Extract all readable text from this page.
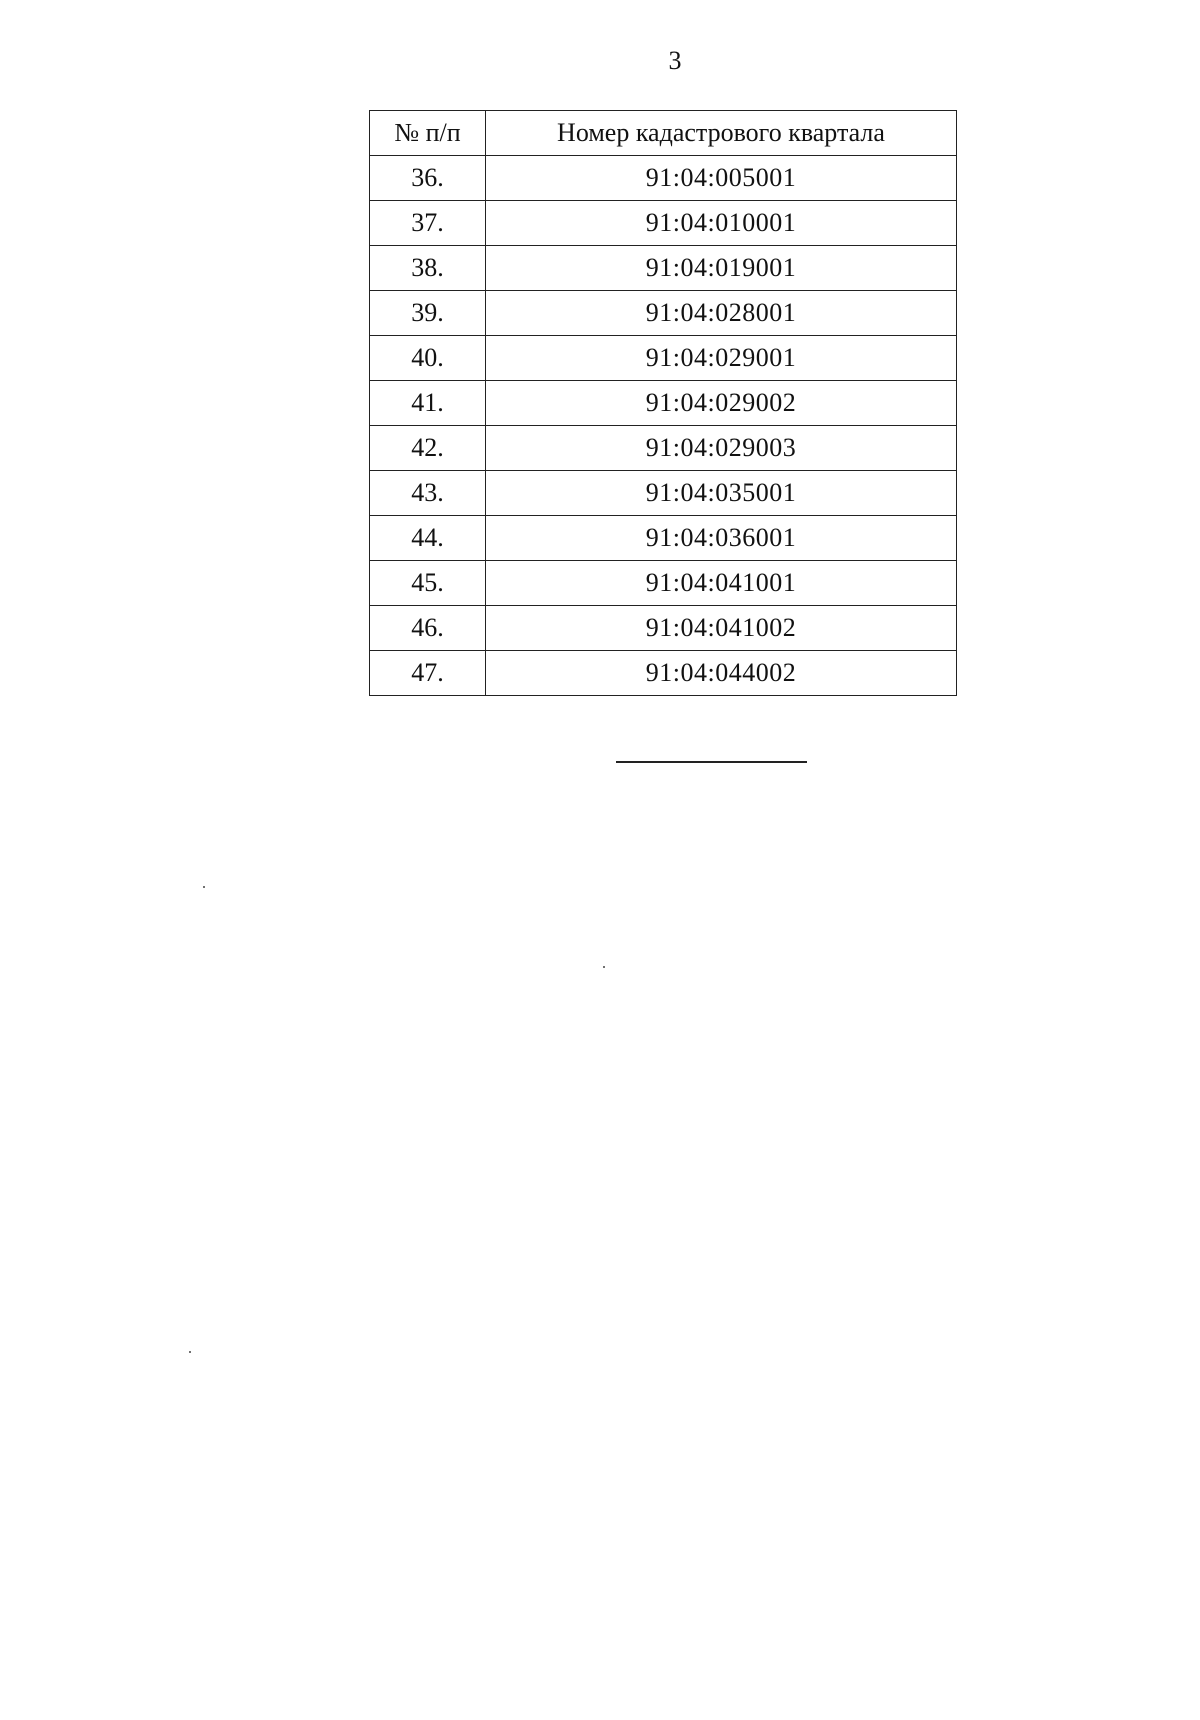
3
№ п/п	Номер кадастрового квартала
36.	91:04:005001
37.	91:04:010001
38.	91:04:019001
39.	91:04:028001
40.	91:04:029001
41.	91:04:029002
42.	91:04:029003
43.	91:04:035001
44.	91:04:036001
45.	91:04:041001
46.	91:04:041002
47.	91:04:044002
